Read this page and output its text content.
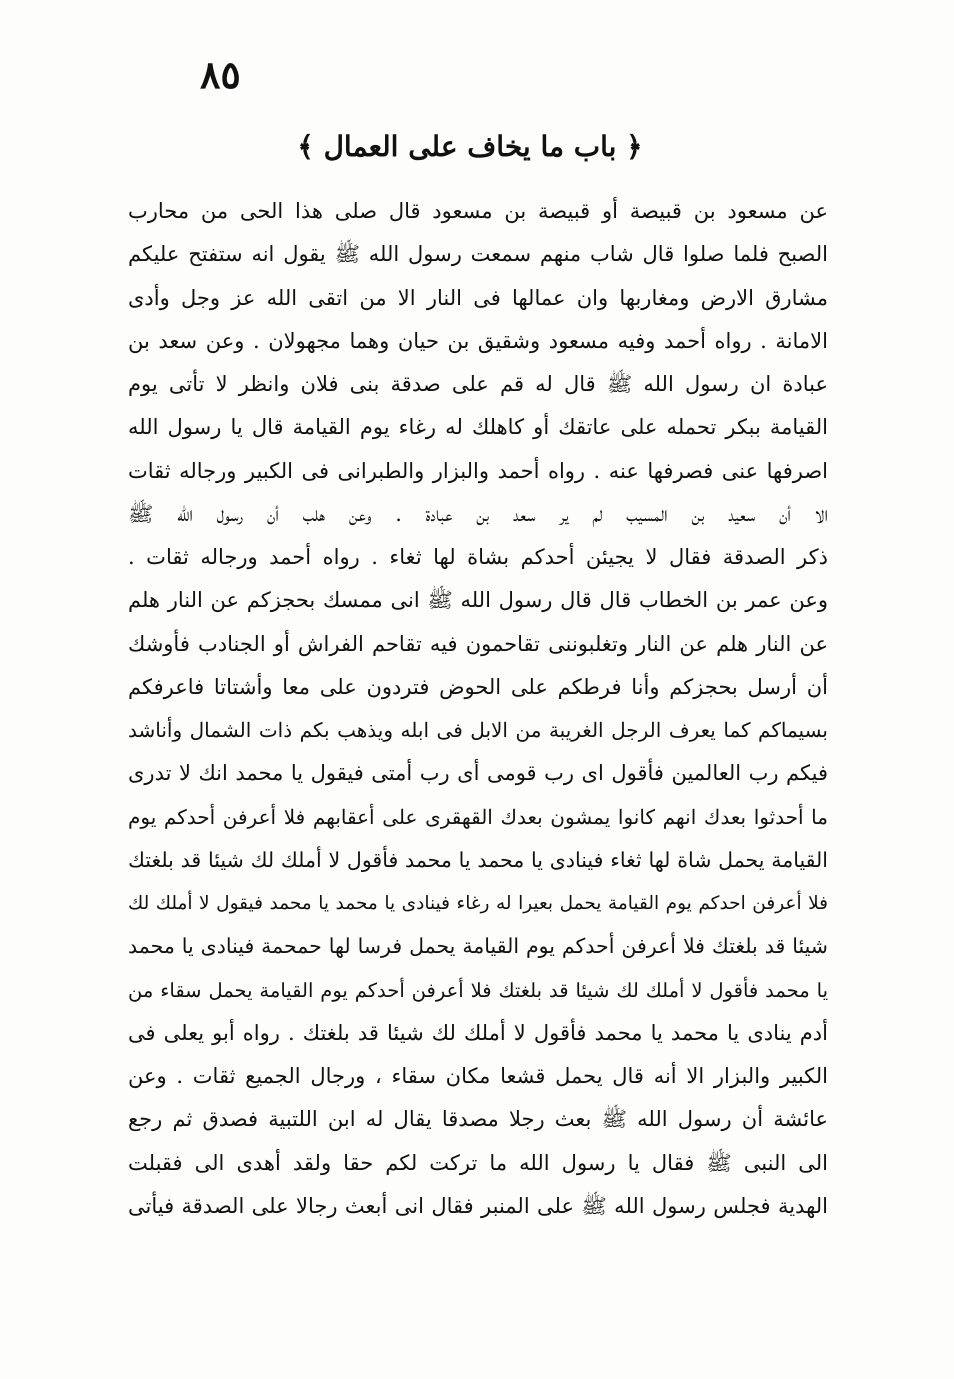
٨٥
﴿ باب ما يخاف على العمال ﴾
عن مسعود بن قبيصة أو قبيصة بن مسعود قال صلى هذا الحى من محارب
الصبح فلما صلوا قال شاب منهم سمعت رسول الله ﷺ يقول انه ستفتح عليكم
مشارق الارض ومغاربها وان عمالها فى النار الا من اتقى الله عز وجل وأدى
الامانة . رواه أحمد وفيه مسعود وشقيق بن حيان وهما مجهولان . وعن سعد بن
عبادة ان رسول الله ﷺ قال له قم على صدقة بنى فلان وانظر لا تأتى يوم
القيامة ببكر تحمله على عاتقك أو كاهلك له رغاء يوم القيامة قال يا رسول الله
اصرفها عنى فصرفها عنه . رواه أحمد والبزار والطبرانى فى الكبير ورجاله ثقات
الا أن سعيد بن المسيب لم ير سعد بن عبادة . وعن هلب أن رسول الله ﷺ
ذكر الصدقة فقال لا يجيئن أحدكم بشاة لها ثغاء . رواه أحمد ورجاله ثقات .
وعن عمر بن الخطاب قال قال رسول الله ﷺ انى ممسك بحجزكم عن النار هلم
عن النار هلم عن النار وتغلبوننى تقاحمون فيه تقاحم الفراش أو الجنادب فأوشك
أن أرسل بحجزكم وأنا فرطكم على الحوض فتردون على معا وأشتاتا فاعرفكم
بسيماكم كما يعرف الرجل الغريبة من الابل فى ابله ويذهب بكم ذات الشمال وأناشد
فيكم رب العالمين فأقول اى رب قومى أى رب أمتى فيقول يا محمد انك لا تدرى
ما أحدثوا بعدك انهم كانوا يمشون بعدك القهقرى على أعقابهم فلا أعرفن أحدكم يوم
القيامة يحمل شاة لها ثغاء فينادى يا محمد يا محمد فأقول لا أملك لك شيئا قد بلغتك
فلا أعرفن احدكم يوم القيامة يحمل بعيرا له رغاء فينادى يا محمد يا محمد فيقول لا أملك لك
شيئا قد بلغتك فلا أعرفن أحدكم يوم القيامة يحمل فرسا لها حمحمة فينادى يا محمد
يا محمد فأقول لا أملك لك شيئا قد بلغتك فلا أعرفن أحدكم يوم القيامة يحمل سقاء من
أدم ينادى يا محمد يا محمد فأقول لا أملك لك شيئا قد بلغتك . رواه أبو يعلى فى
الكبير والبزار الا أنه قال يحمل قشعا مكان سقاء ، ورجال الجميع ثقات . وعن
عائشة أن رسول الله ﷺ بعث رجلا مصدقا يقال له ابن اللتبية فصدق ثم رجع
الى النبى ﷺ فقال يا رسول الله ما تركت لكم حقا ولقد أهدى الى فقبلت
الهدية فجلس رسول الله ﷺ على المنبر فقال انى أبعث رجالا على الصدقة فيأتى
